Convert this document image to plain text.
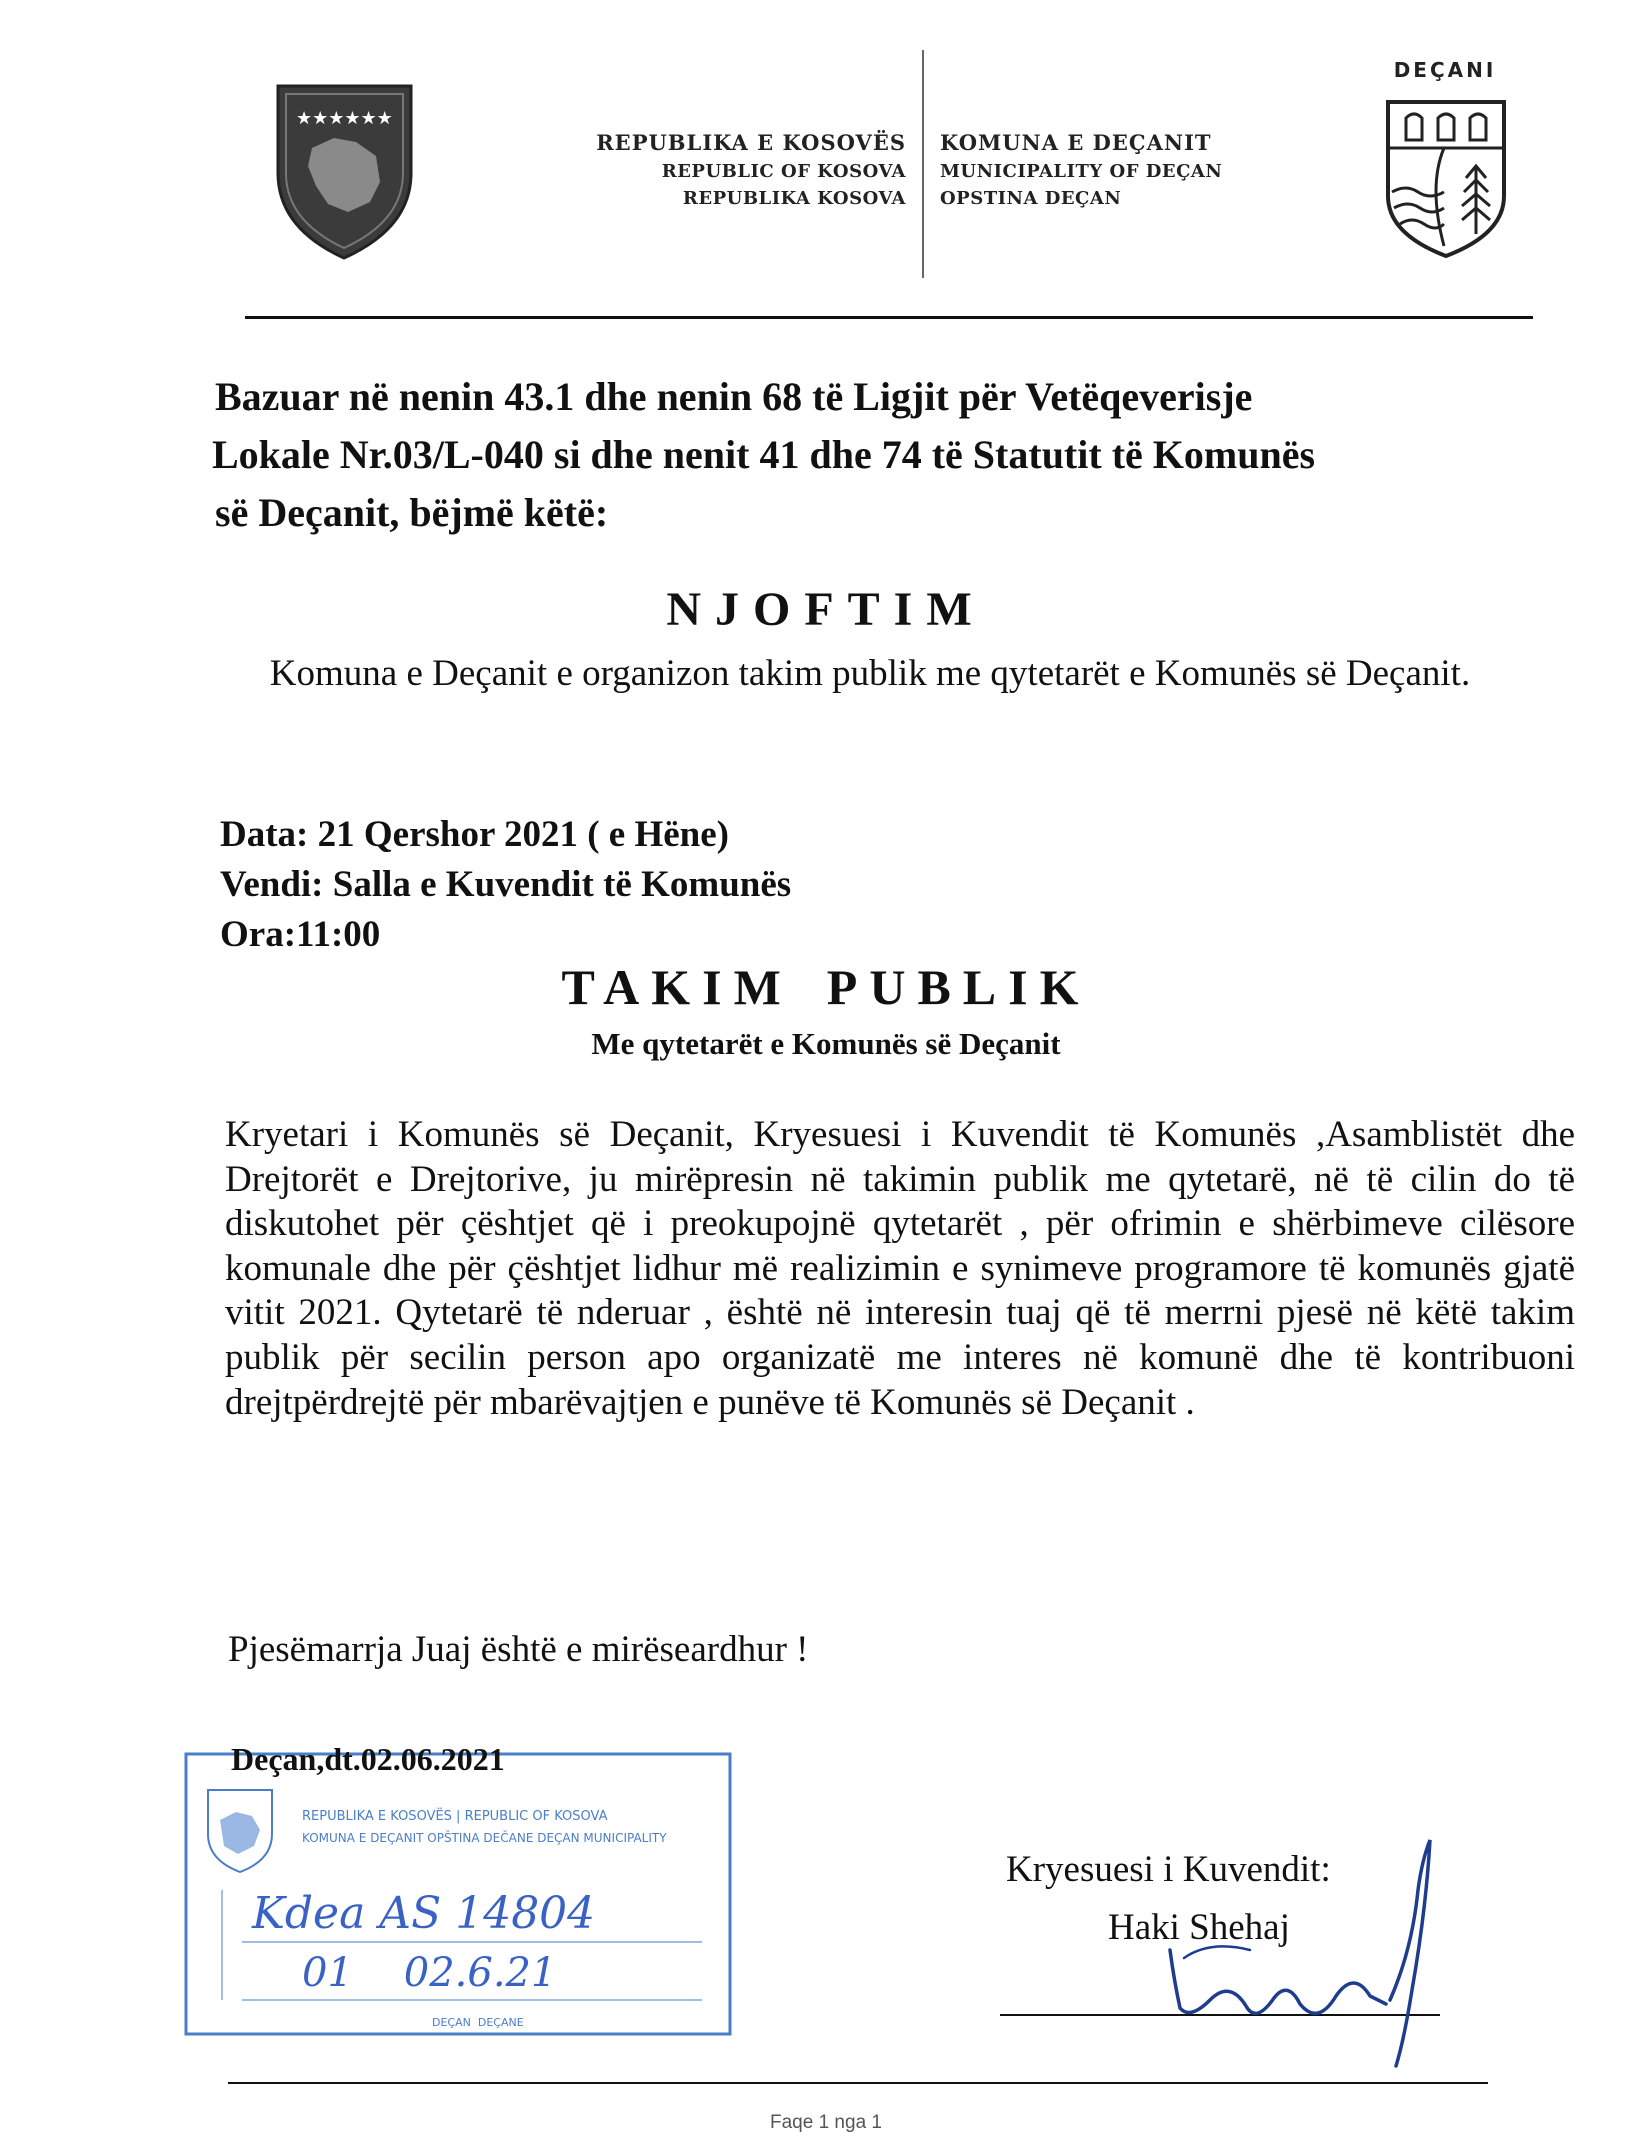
★★★★★★
REPUBLIKA E KOSOVËS
REPUBLIC OF KOSOVA
REPUBLIKA KOSOVA
KOMUNA E DEÇANIT
MUNICIPALITY OF DEÇAN
OPSTINA DEÇAN
DEÇANI
Bazuar në nenin 43.1 dhe nenin 68 të Ligjit për Vetëqeverisje
Lokale Nr.03/L-040 si dhe nenit 41 dhe 74 të Statutit të Komunës
së Deçanit, bëjmë këtë:
NJOFTIM
Komuna e Deçanit e organizon takim publik me qytetarët e Komunës së Deçanit.
Data: 21 Qershor 2021 ( e Hëne)
Vendi: Salla e Kuvendit të Komunës
Ora:11:00
TAKIM PUBLIK
Me qytetarët e Komunës së Deçanit
Kryetari i Komunës së Deçanit, Kryesuesi i Kuvendit të Komunës ,Asamblistët dhe Drejtorët e Drejtorive, ju mirëpresin në takimin publik me qytetarë, në të cilin do të diskutohet për çështjet që i preokupojnë qytetarët , për ofrimin e shërbimeve cilësore komunale dhe për çështjet lidhur më realizimin e synimeve programore të komunës gjatë vitit 2021. Qytetarë të nderuar , është në interesin tuaj që të merrni pjesë në këtë takim publik për secilin person apo organizatë me interes në komunë dhe të kontribuoni drejtpërdrejtë për mbarëvajtjen e punëve të Komunës së Deçanit .
Pjesëmarrja Juaj është e mirëseardhur !
Deçan,dt.02.06.2021
REPUBLIKA E KOSOVËS | REPUBLIC OF KOSOVA
KOMUNA E DEÇANIT OPŠTINA DEČANE DEÇAN MUNICIPALITY
Kdea AS 14804
01    02.6.21
DEÇAN  DEÇANE
Kryesuesi i Kuvendit:
Haki Shehaj
Faqe 1 nga 1
